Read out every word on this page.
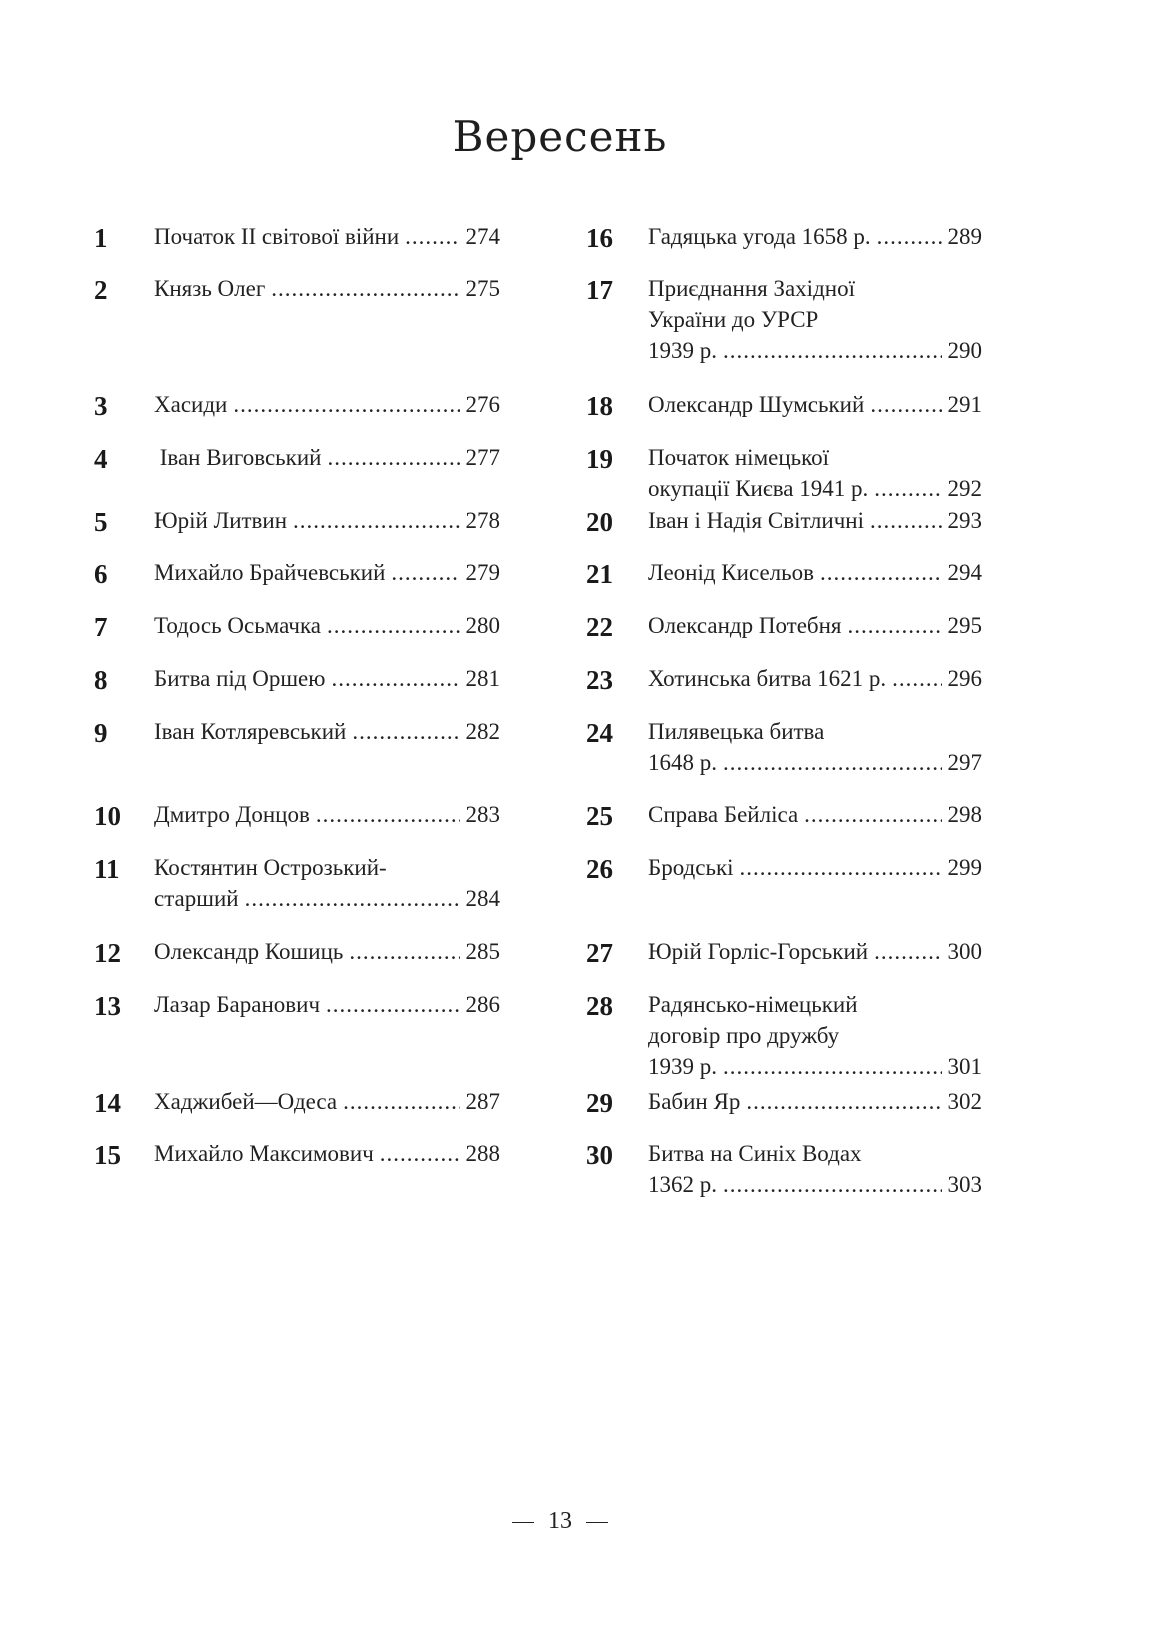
Вересень
1 Початок ІІ світової війни .....	274
2 Князь Олег .....	275
3 Хасиди .....	276
4 Іван Виговський .....	277
5 Юрій Литвин .....	278
6 Михайло Брайчевський .....	279
7 Тодось Осьмачка .....	280
8 Битва під Оршею .....	281
9 Іван Котляревський .....	282
10 Дмитро Донцов .....	283
11 Костянтин Острозький-
старший .....	284
12 Олександр Кошиць .....	285
13 Лазар Баранович .....	286
14 Хаджибей—Одеса .....	287
15 Михайло Максимович .....	288
16 Гадяцька угода 1658 р. .....	289
17 Приєднання Західної
України до УРСР
1939 р. .....	290
18 Олександр Шумський .....	291
19 Початок німецької
окупації Києва 1941 р. .....	292
20 Іван і Надія Світличні .....	293
21 Леонід Кисельов .....	294
22 Олександр Потебня .....	295
23 Хотинська битва 1621 р. .....	296
24 Пилявецька битва
1648 р. .....	297
25 Справа Бейліса .....	298
26 Бродські .....	299
27 Юрій Горліс-Горський .....	300
28 Радянсько-німецький
договір про дружбу
1939 р. .....	301
29 Бабин Яр .....	302
30 Битва на Синіх Водах
1362 р. .....	303
13
